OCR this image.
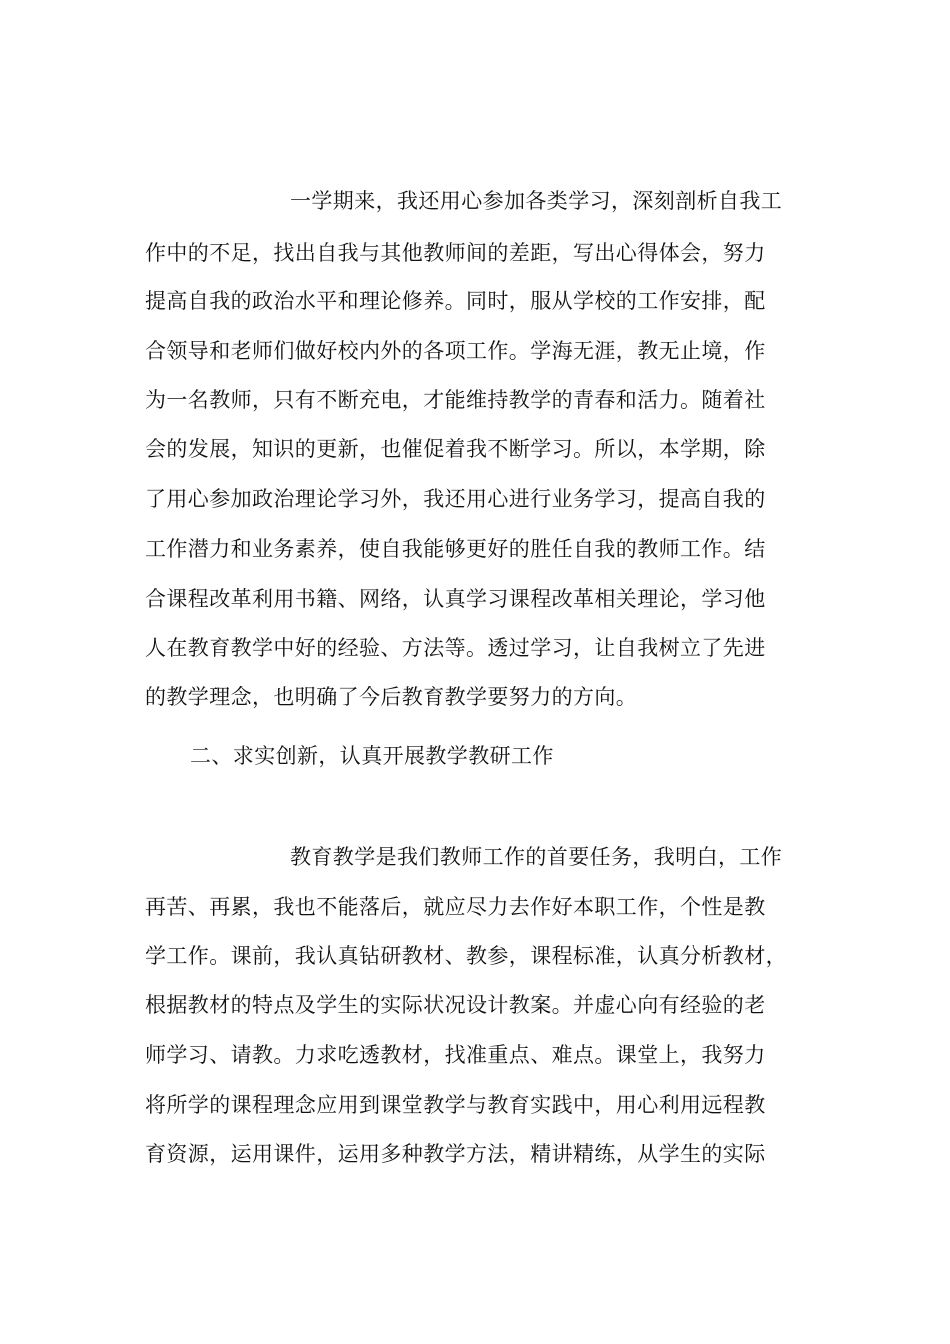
一学期来，我还用心参加各类学习，深刻剖析自我工
作中的不足，找出自我与其他教师间的差距，写出心得体会，努力
提高自我的政治水平和理论修养。同时，服从学校的工作安排，配
合领导和老师们做好校内外的各项工作。学海无涯，教无止境，作
为一名教师，只有不断充电，才能维持教学的青春和活力。随着社
会的发展，知识的更新，也催促着我不断学习。所以，本学期，除
了用心参加政治理论学习外，我还用心进行业务学习，提高自我的
工作潜力和业务素养，使自我能够更好的胜任自我的教师工作。结
合课程改革利用书籍、网络，认真学习课程改革相关理论，学习他
人在教育教学中好的经验、方法等。透过学习，让自我树立了先进
的教学理念，也明确了今后教育教学要努力的方向。
二、求实创新，认真开展教学教研工作
教育教学是我们教师工作的首要任务，我明白，工作
再苦、再累，我也不能落后，就应尽力去作好本职工作，个性是教
学工作。课前，我认真钻研教材、教参，课程标准，认真分析教材，
根据教材的特点及学生的实际状况设计教案。并虚心向有经验的老
师学习、请教。力求吃透教材，找准重点、难点。课堂上，我努力
将所学的课程理念应用到课堂教学与教育实践中，用心利用远程教
育资源，运用课件，运用多种教学方法，精讲精练，从学生的实际
